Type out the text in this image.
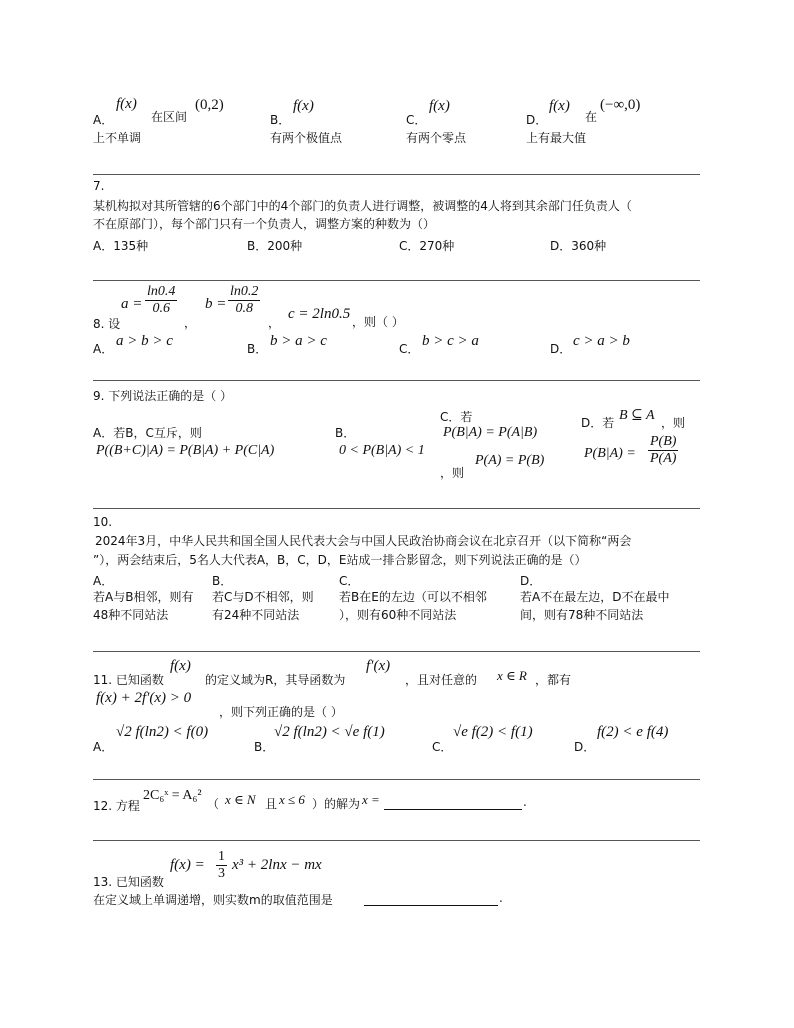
A．
f(x)
在区间
(0,2)
上不单调
B．
f(x)
有两个极值点
C．
f(x)
有两个零点
D．
f(x)
在
(−∞,0)
上有最大值
7.
某机构拟对其所管辖的6个部门中的4个部门的负责人进行调整，被调整的4人将到其余部门任负责人（
不在原部门），每个部门只有一个负责人，调整方案的种数为（）
A．135种	B．200种	C．270种	D．360种
8. 设
$a = \frac{\ln 0.4}{0.6}$
，
$b = \frac{\ln 0.2}{0.8}$
，
c = 2ln0.5 ，则（ ）
A． a > b > c	B． b > a > c	C． b > c > a	D． c > a > b
9. 下列说法正确的是（ ）
A．若B，C互斥，则
P((B+C)|A) = P(B|A) + P(C|A)
B．
0 < P(B|A) < 1
C．若
P(B|A) = P(A|B)
，则
P(A) = P(B)
D．若 B ⊆ A ，则
$P(B|A) = \frac{P(B)}{P(A)}$
10.
2024年3月，中华人民共和国全国人民代表大会与中国人民政治协商会议在北京召开（以下简称“两会
”），两会结束后，5名人大代表A，B，C，D，E站成一排合影留念，则下列说法正确的是（）
A．
若A与B相邻，则有
48种不同站法
B．
若C与D不相邻，则
有24种不同站法
C．
若B在E的左边（可以不相邻
），则有60种不同站法
D．
若A不在最左边，D不在最中
间，则有78种不同站法
11. 已知函数
f(x)
的定义域为R，其导函数为
f′(x)
，且对任意的 x ∈ R ，都有
f(x) + 2f′(x) > 0
，则下列正确的是（ ）
A．
√2 f(ln2) < f(0)
B．
√2 f(ln2) < √e f(1)
C．
√e f(2) < f(1)
D．
f(2) < e f(4)
12. 方程
2C₆ˣ = A₆²
（ x ∈ N 且 x ≤ 6 ）的解为 x =	.
13. 已知函数
$f(x) = \frac{1}{3} x^3 + 2\ln x$ − mx
在定义域上单调递增，则实数m的取值范围是	.
